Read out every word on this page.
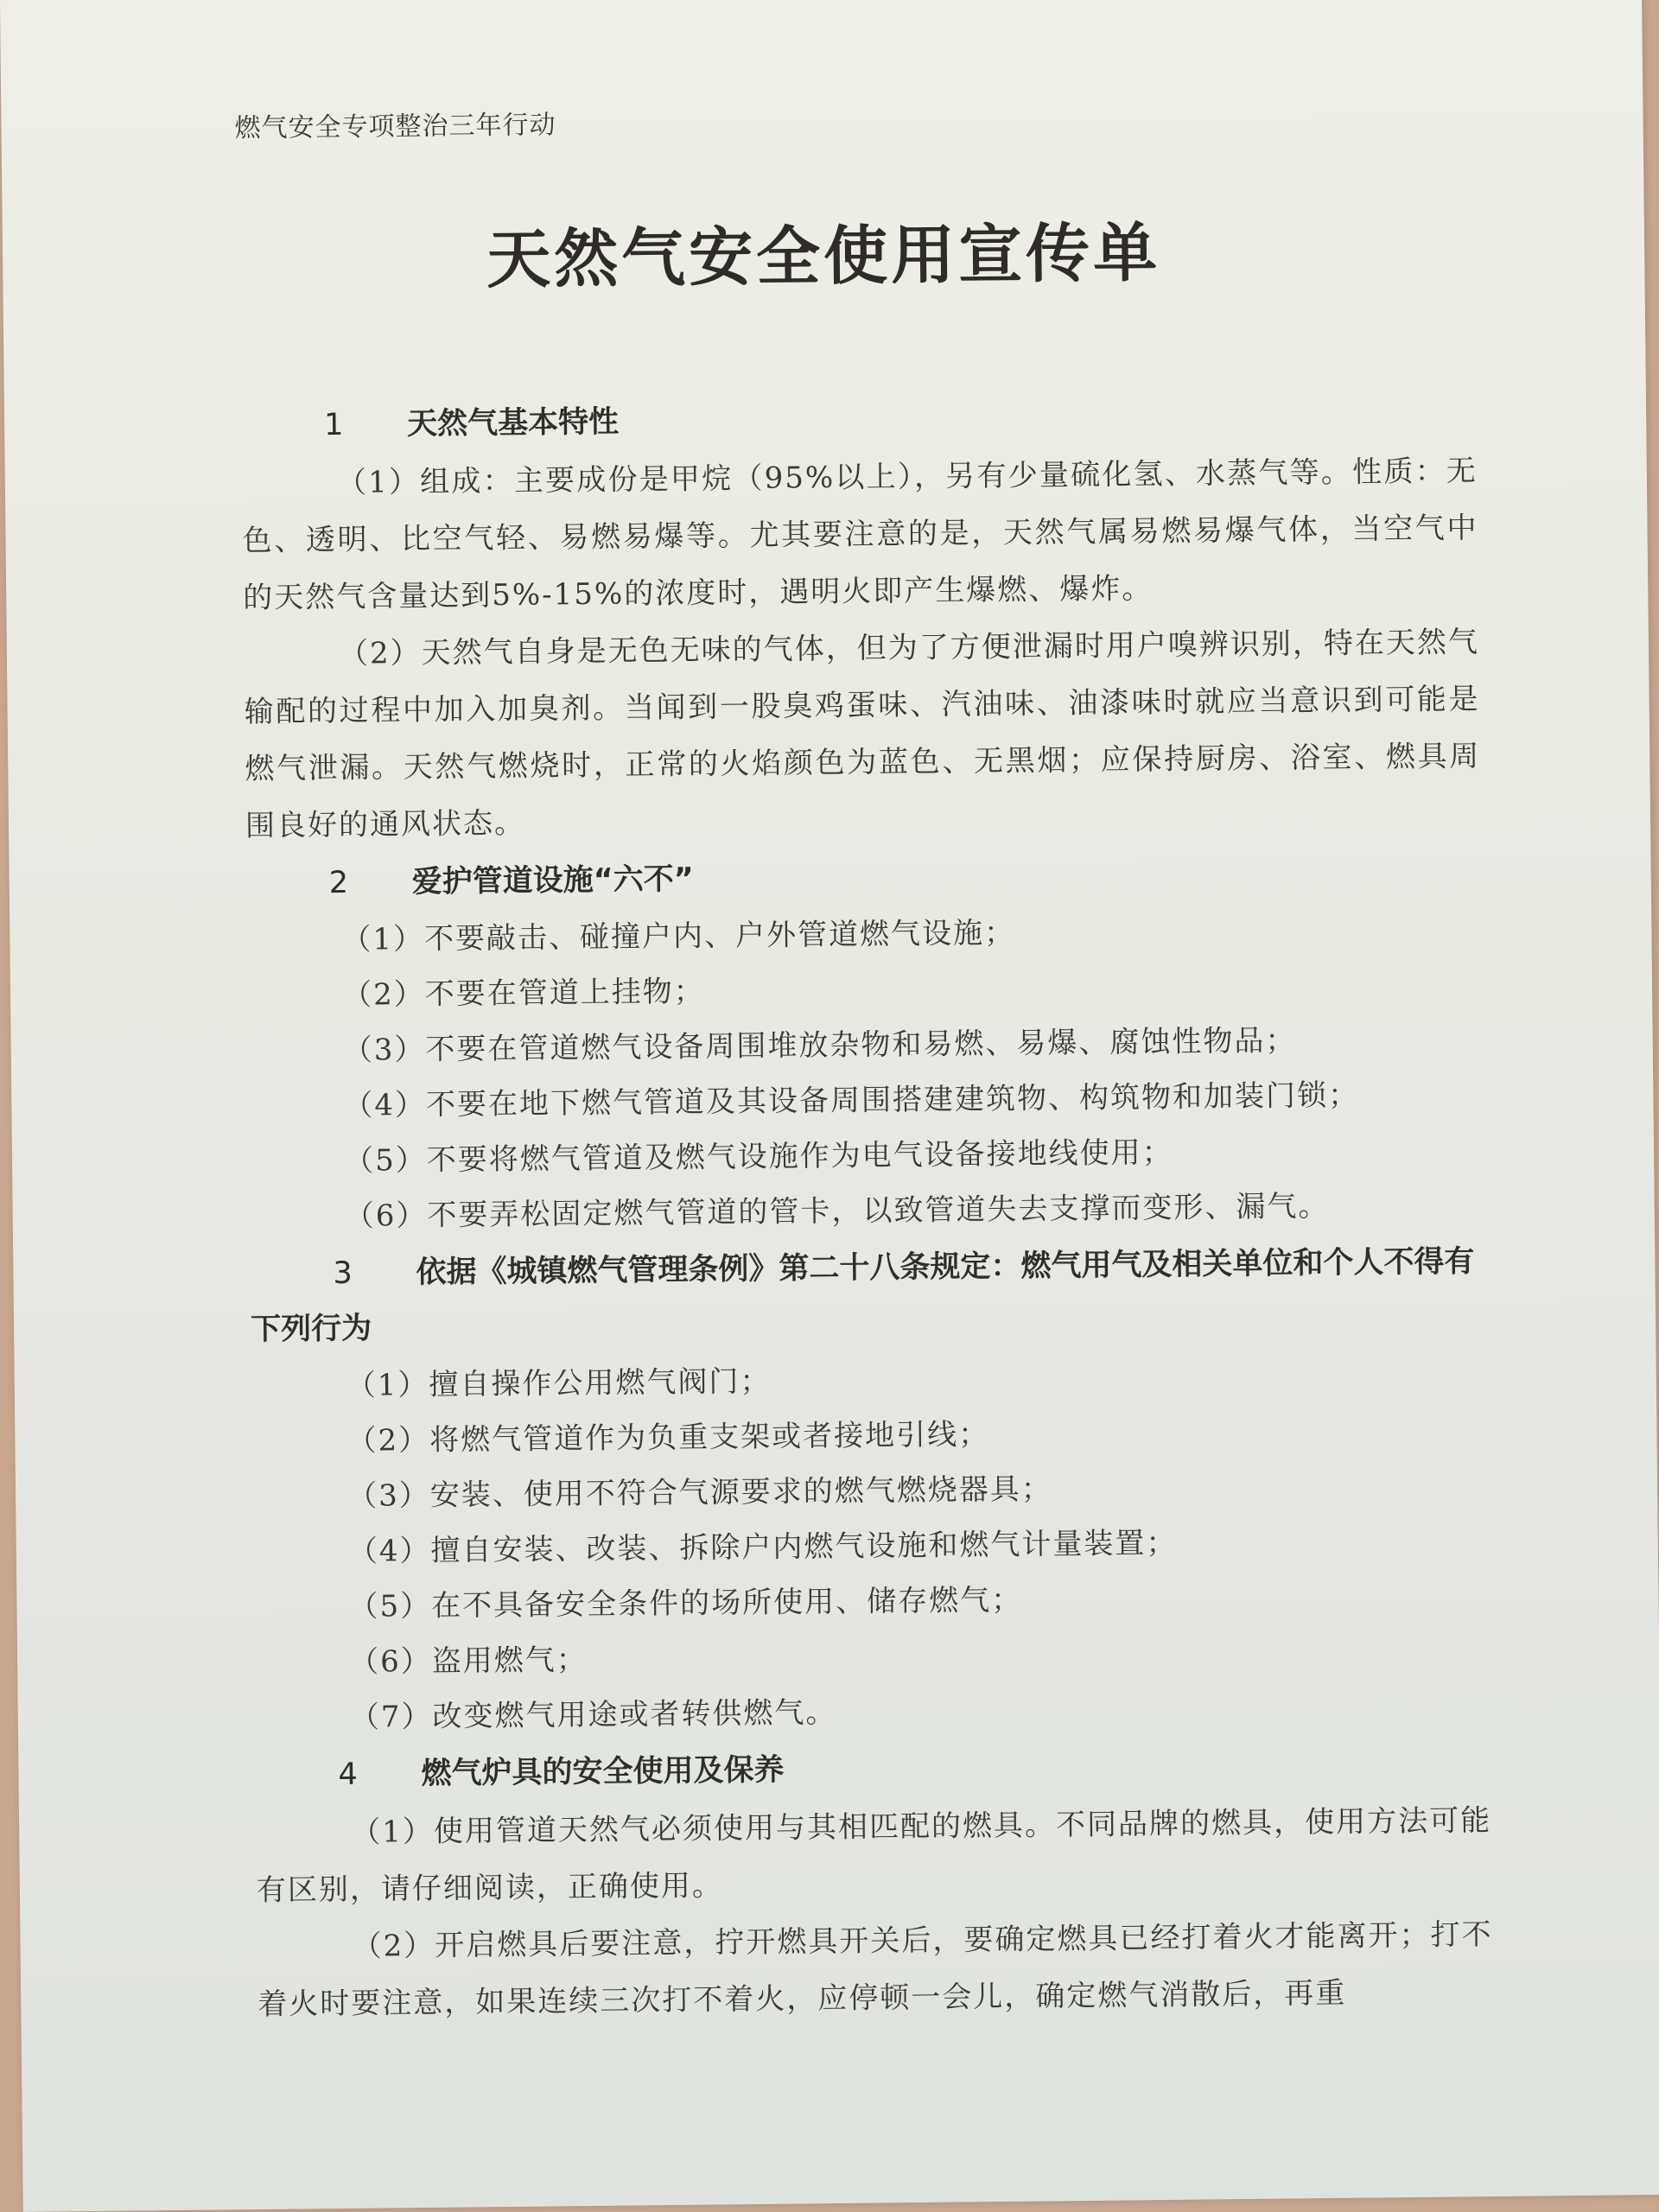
燃气安全专项整治三年行动
天然气安全使用宣传单
1 天然气基本特性

（1）组成：主要成份是甲烷（95%以上），另有少量硫化氢、水蒸气等。性质：无色、透明、比空气轻、易燃易爆等。尤其要注意的是，天然气属易燃易爆气体，当空气中的天然气含量达到5%-15%的浓度时，遇明火即产生爆燃、爆炸。

（2）天然气自身是无色无味的气体，但为了方便泄漏时用户嗅辨识别，特在天然气输配的过程中加入加臭剂。当闻到一股臭鸡蛋味、汽油味、油漆味时就应当意识到可能是燃气泄漏。天然气燃烧时，正常的火焰颜色为蓝色、无黑烟；应保持厨房、浴室、燃具周围良好的通风状态。

2 爱护管道设施“六不”

（1）不要敲击、碰撞户内、户外管道燃气设施；

（2）不要在管道上挂物；

（3）不要在管道燃气设备周围堆放杂物和易燃、易爆、腐蚀性物品；

（4）不要在地下燃气管道及其设备周围搭建建筑物、构筑物和加装门锁；

（5）不要将燃气管道及燃气设施作为电气设备接地线使用；

（6）不要弄松固定燃气管道的管卡，以致管道失去支撑而变形、漏气。

3 依据《城镇燃气管理条例》第二十八条规定：燃气用气及相关单位和个人不得有下列行为

（1）擅自操作公用燃气阀门；

（2）将燃气管道作为负重支架或者接地引线；

（3）安装、使用不符合气源要求的燃气燃烧器具；

（4）擅自安装、改装、拆除户内燃气设施和燃气计量装置；

（5）在不具备安全条件的场所使用、储存燃气；

（6）盗用燃气；

（7）改变燃气用途或者转供燃气。

4 燃气炉具的安全使用及保养

（1）使用管道天然气必须使用与其相匹配的燃具。不同品牌的燃具，使用方法可能有区别，请仔细阅读，正确使用。

（2）开启燃具后要注意，拧开燃具开关后，要确定燃具已经打着火才能离开；打不着火时要注意，如果连续三次打不着火，应停顿一会儿，确定燃气消散后，再重
